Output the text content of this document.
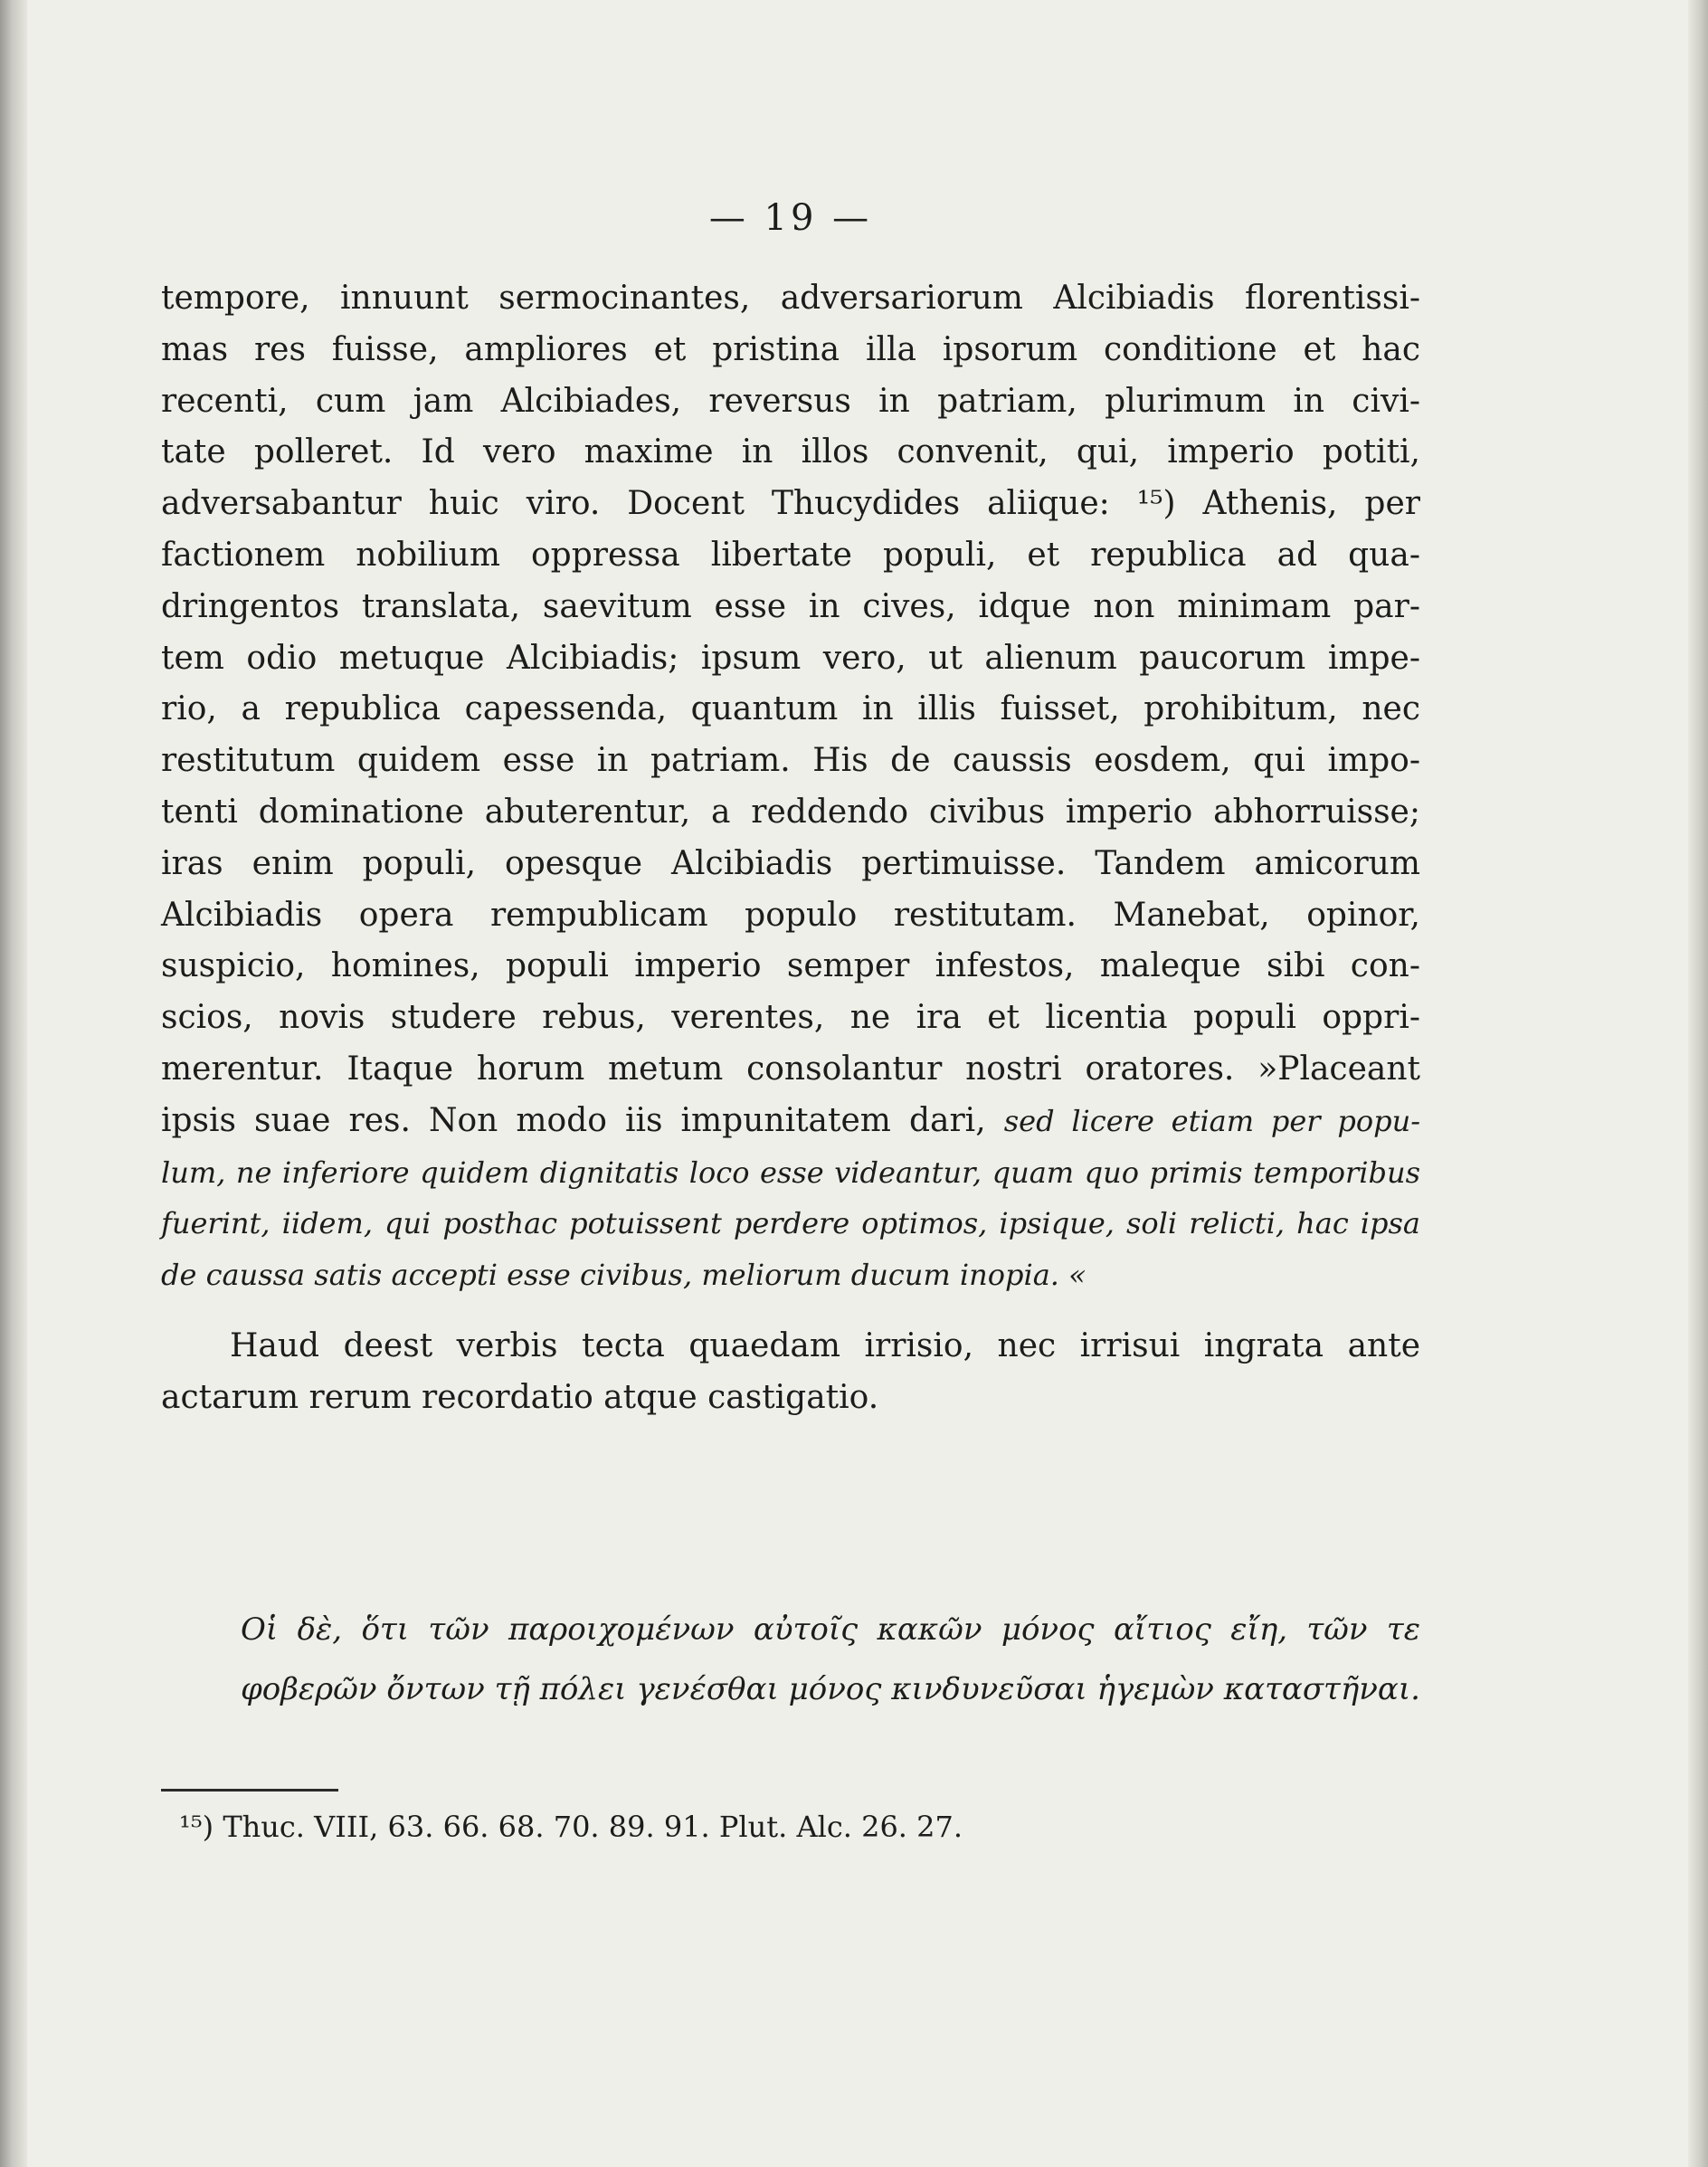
— 19 —
tempore, innuunt sermocinantes, adversariorum Alcibiadis florentissi-
mas res fuisse, ampliores et pristina illa ipsorum conditione et hac
recenti, cum jam Alcibiades, reversus in patriam, plurimum in civi-
tate polleret. Id vero maxime in illos convenit, qui, imperio potiti,
adversabantur huic viro. Docent Thucydides aliique: ¹⁵) Athenis, per
factionem nobilium oppressa libertate populi, et republica ad qua-
dringentos translata, saevitum esse in cives, idque non minimam par-
tem odio metuque Alcibiadis; ipsum vero, ut alienum paucorum impe-
rio, a republica capessenda, quantum in illis fuisset, prohibitum, nec
restitutum quidem esse in patriam. His de caussis eosdem, qui impo-
tenti dominatione abuterentur, a reddendo civibus imperio abhorruisse;
iras enim populi, opesque Alcibiadis pertimuisse. Tandem amicorum
Alcibiadis opera rempublicam populo restitutam. Manebat, opinor,
suspicio, homines, populi imperio semper infestos, maleque sibi con-
scios, novis studere rebus, verentes, ne ira et licentia populi oppri-
merentur. Itaque horum metum consolantur nostri oratores. »Placeant
ipsis suae res. Non modo iis impunitatem dari, sed licere etiam per popu-
lum, ne inferiore quidem dignitatis loco esse videantur, quam quo primis temporibus
fuerint, iidem, qui posthac potuissent perdere optimos, ipsique, soli relicti, hac ipsa
de caussa satis accepti esse civibus, meliorum ducum inopia. «
Haud deest verbis tecta quaedam irrisio, nec irrisui ingrata ante
actarum rerum recordatio atque castigatio.
Οἱ δὲ, ὅτι τῶν παροιχομένων αὐτοῖς κακῶν μόνος αἴτιος εἴη, τῶν τε
φοβερῶν ὄντων τῇ πόλει γενέσθαι μόνος κινδυνεῦσαι ἡγεμὼν καταστῆναι.
¹⁵) Thuc. VIII, 63. 66. 68. 70. 89. 91. Plut. Alc. 26. 27.
